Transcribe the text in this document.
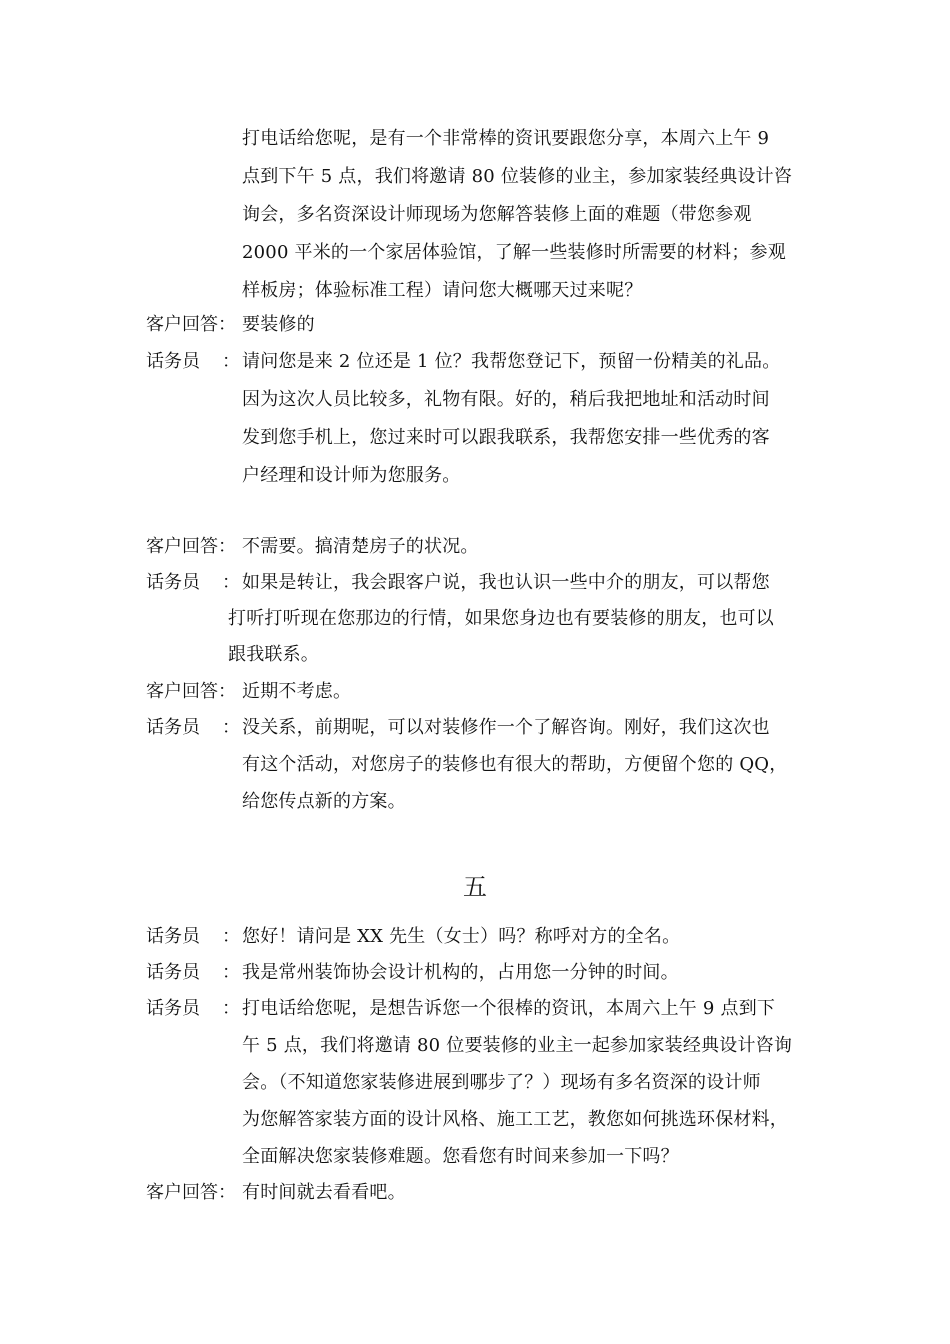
打电话给您呢，是有一个非常棒的资讯要跟您分享，本周六上午 9
点到下午 5 点，我们将邀请 80 位装修的业主，参加家装经典设计咨
询会，多名资深设计师现场为您解答装修上面的难题（带您参观
2000 平米的一个家居体验馆，了解一些装修时所需要的材料；参观
样板房；体验标准工程）请问您大概哪天过来呢？
客户回答： 要装修的
话务员 ： 请问您是来 2 位还是 1 位？我帮您登记下，预留一份精美的礼品。
因为这次人员比较多，礼物有限。好的，稍后我把地址和活动时间
发到您手机上，您过来时可以跟我联系，我帮您安排一些优秀的客
户经理和设计师为您服务。
客户回答： 不需要。搞清楚房子的状况。
话务员 ： 如果是转让，我会跟客户说，我也认识一些中介的朋友，可以帮您
打听打听现在您那边的行情，如果您身边也有要装修的朋友，也可以
跟我联系。
客户回答： 近期不考虑。
话务员 ： 没关系，前期呢，可以对装修作一个了解咨询。刚好，我们这次也
有这个活动，对您房子的装修也有很大的帮助，方便留个您的 QQ，
给您传点新的方案。
五
话务员 ： 您好！请问是 XX 先生（女士）吗？称呼对方的全名。
话务员 ： 我是常州装饰协会设计机构的，占用您一分钟的时间。
话务员 ： 打电话给您呢，是想告诉您一个很棒的资讯，本周六上午 9 点到下
午 5 点，我们将邀请 80 位要装修的业主一起参加家装经典设计咨询
会。（不知道您家装修进展到哪步了？）现场有多名资深的设计师
为您解答家装方面的设计风格、施工工艺，教您如何挑选环保材料，
全面解决您家装修难题。您看您有时间来参加一下吗？
客户回答： 有时间就去看看吧。
